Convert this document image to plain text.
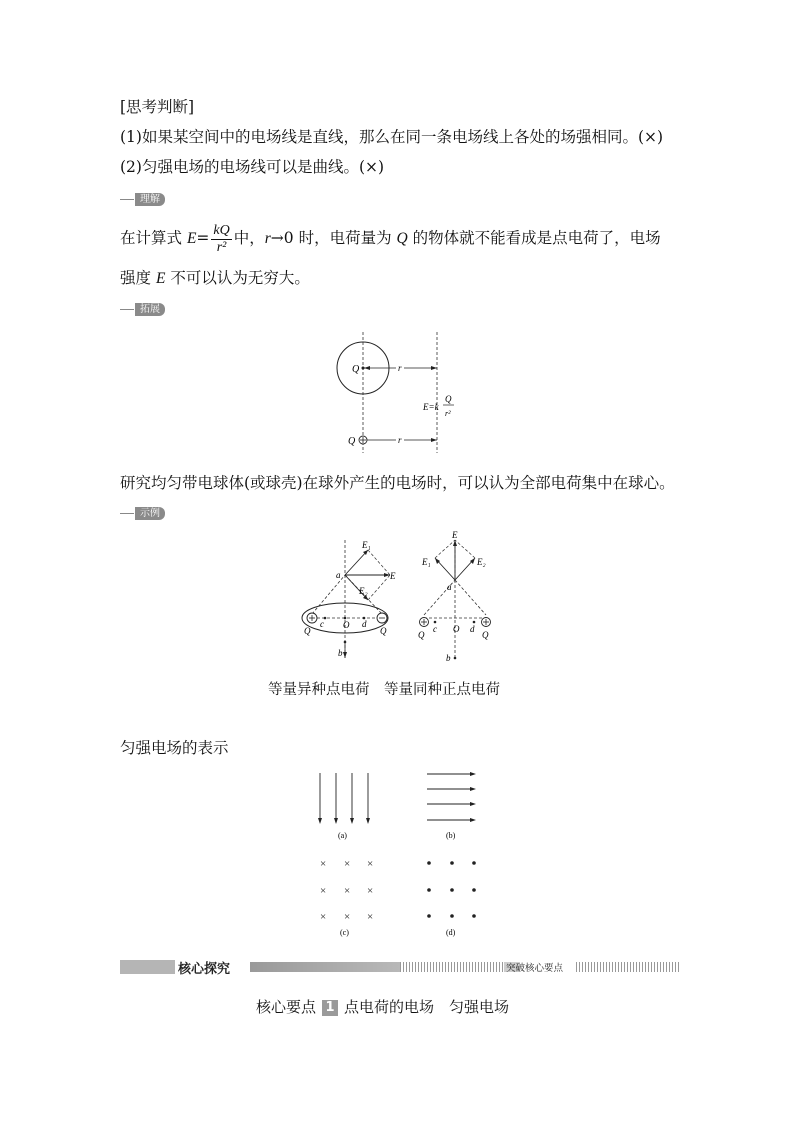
[思考判断]
(1)如果某空间中的电场线是直线，那么在同一条电场线上各处的场强相同。(×)
(2)匀强电场的电场线可以是曲线。(×)
理解
在计算式 $E= \frac{kQ}{\text{r²}}$ 中，r→0 时，电荷量为 Q 的物体就不能看成是点电荷了，电场
强度 E 不可以认为无穷大。
拓展
Q	r
E=k
Q
r²
Q	r
研究均匀带电球体(或球壳)在球外产生的电场时，可以认为全部电荷集中在球心。
示例
E₁
E₂
E
a
c O d
b
Q	Q
E
E₁	E₂
a
c O d
b
Q	Q
等量异种点电荷　等量同种正点电荷
匀强电场的表示
(a)	(b)
× × ×
× × ×
× × ×
(c)	(d)
核心探究	突破核心要点
核心要点 1 点电荷的电场　匀强电场
